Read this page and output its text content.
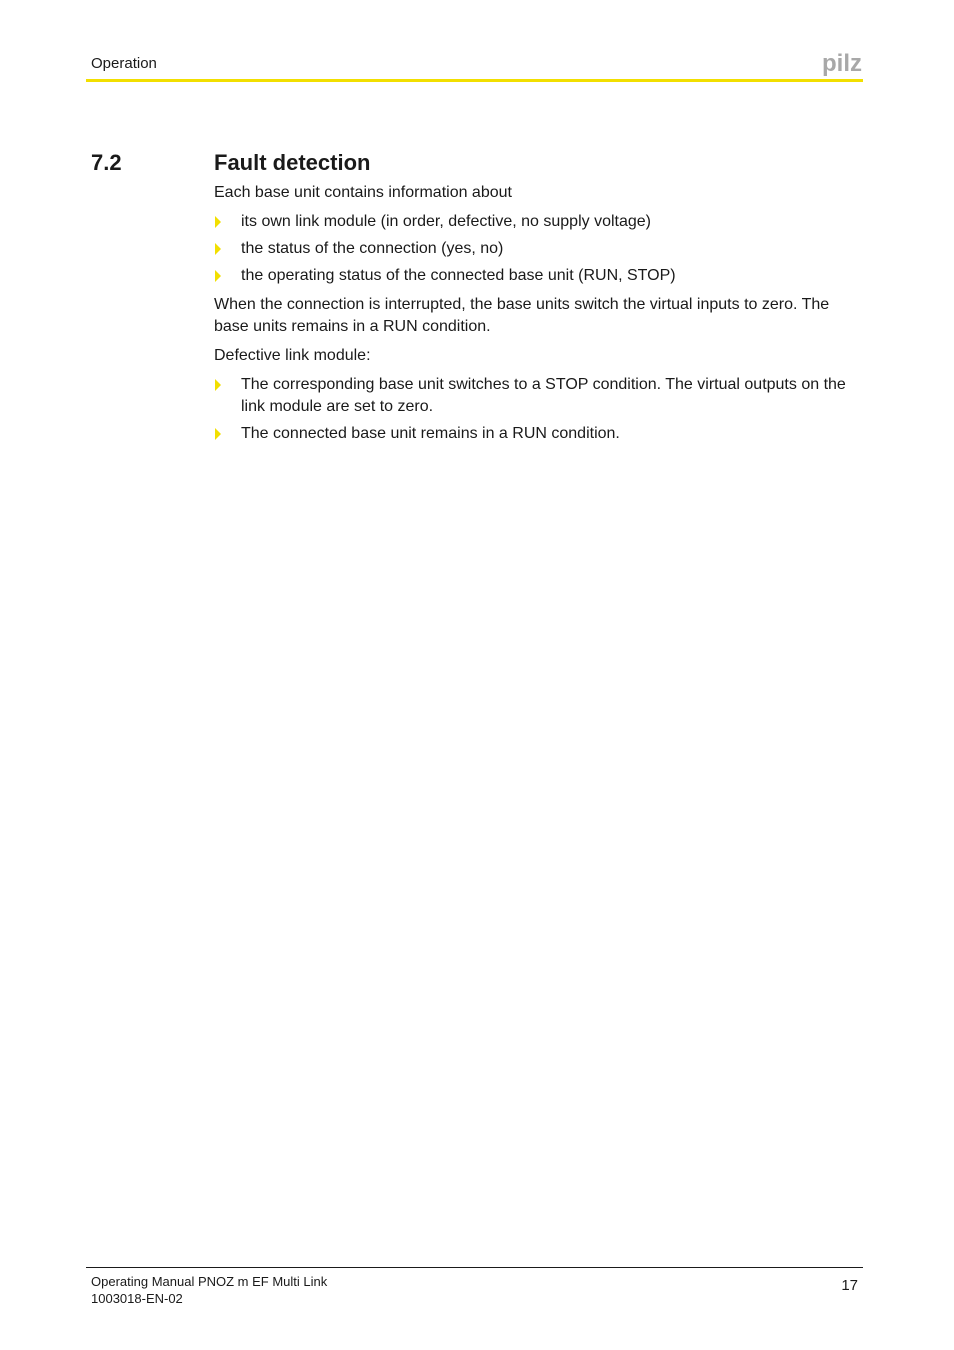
Operation	pilz
7.2	Fault detection

Each base unit contains information about

its own link module (in order, defective, no supply voltage)
the status of the connection (yes, no)
the operating status of the connected base unit (RUN, STOP)

When the connection is interrupted, the base units switch the virtual inputs to zero. The base units remains in a RUN condition.

Defective link module:

The corresponding base unit switches to a STOP condition. The virtual outputs on the link module are set to zero.
The connected base unit remains in a RUN condition.
Operating Manual PNOZ m EF Multi Link
1003018-EN-02
17
